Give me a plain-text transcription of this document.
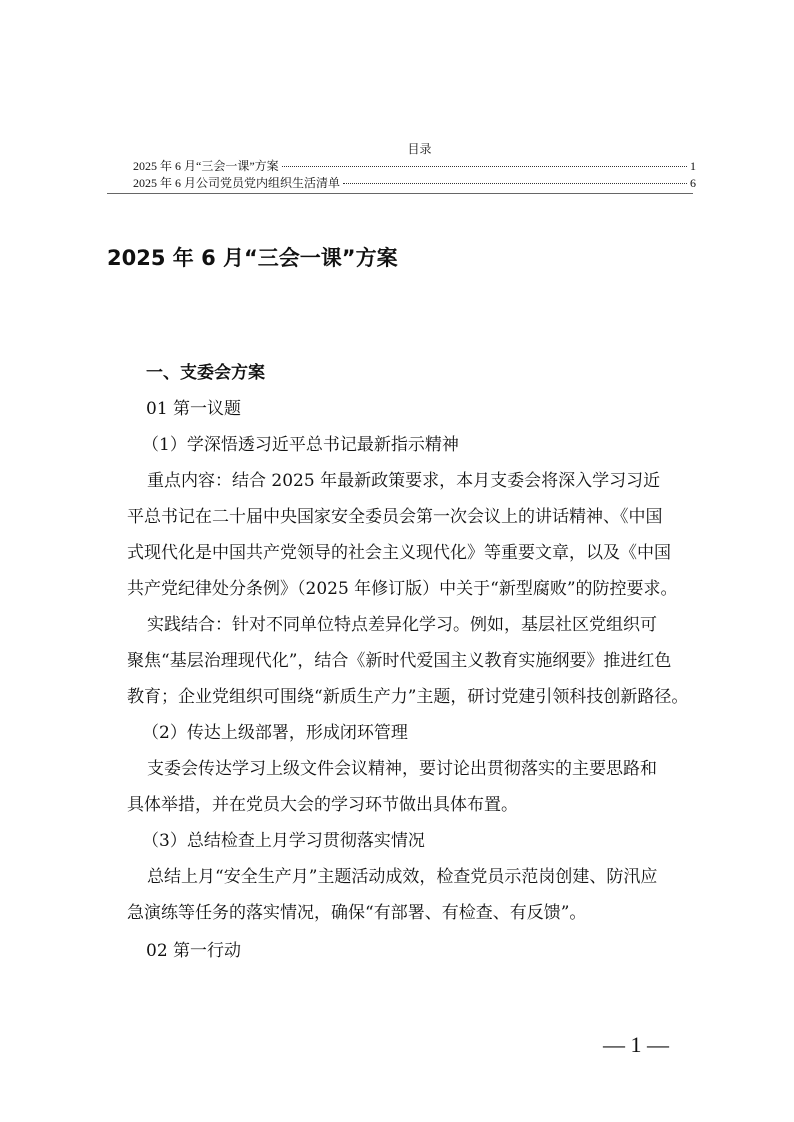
目录
2025 年 6 月“三会一课”方案	1
2025 年 6 月公司党员党内组织生活清单	6
2025 年 6 月“三会一课”方案
一、支委会方案
01 第一议题
（1）学深悟透习近平总书记最新指示精神
重点内容：结合 2025 年最新政策要求，本月支委会将深入学习习近
平总书记在二十届中央国家安全委员会第一次会议上的讲话精神、《中国
式现代化是中国共产党领导的社会主义现代化》等重要文章，以及《中国
共产党纪律处分条例》（2025 年修订版）中关于“新型腐败”的防控要求。
实践结合：针对不同单位特点差异化学习。例如，基层社区党组织可
聚焦“基层治理现代化”，结合《新时代爱国主义教育实施纲要》推进红色
教育；企业党组织可围绕“新质生产力”主题，研讨党建引领科技创新路径。
（2）传达上级部署，形成闭环管理
支委会传达学习上级文件会议精神，要讨论出贯彻落实的主要思路和
具体举措，并在党员大会的学习环节做出具体布置。
（3）总结检查上月学习贯彻落实情况
总结上月“安全生产月”主题活动成效，检查党员示范岗创建、防汛应
急演练等任务的落实情况，确保“有部署、有检查、有反馈”。
02 第一行动
— 1 —
